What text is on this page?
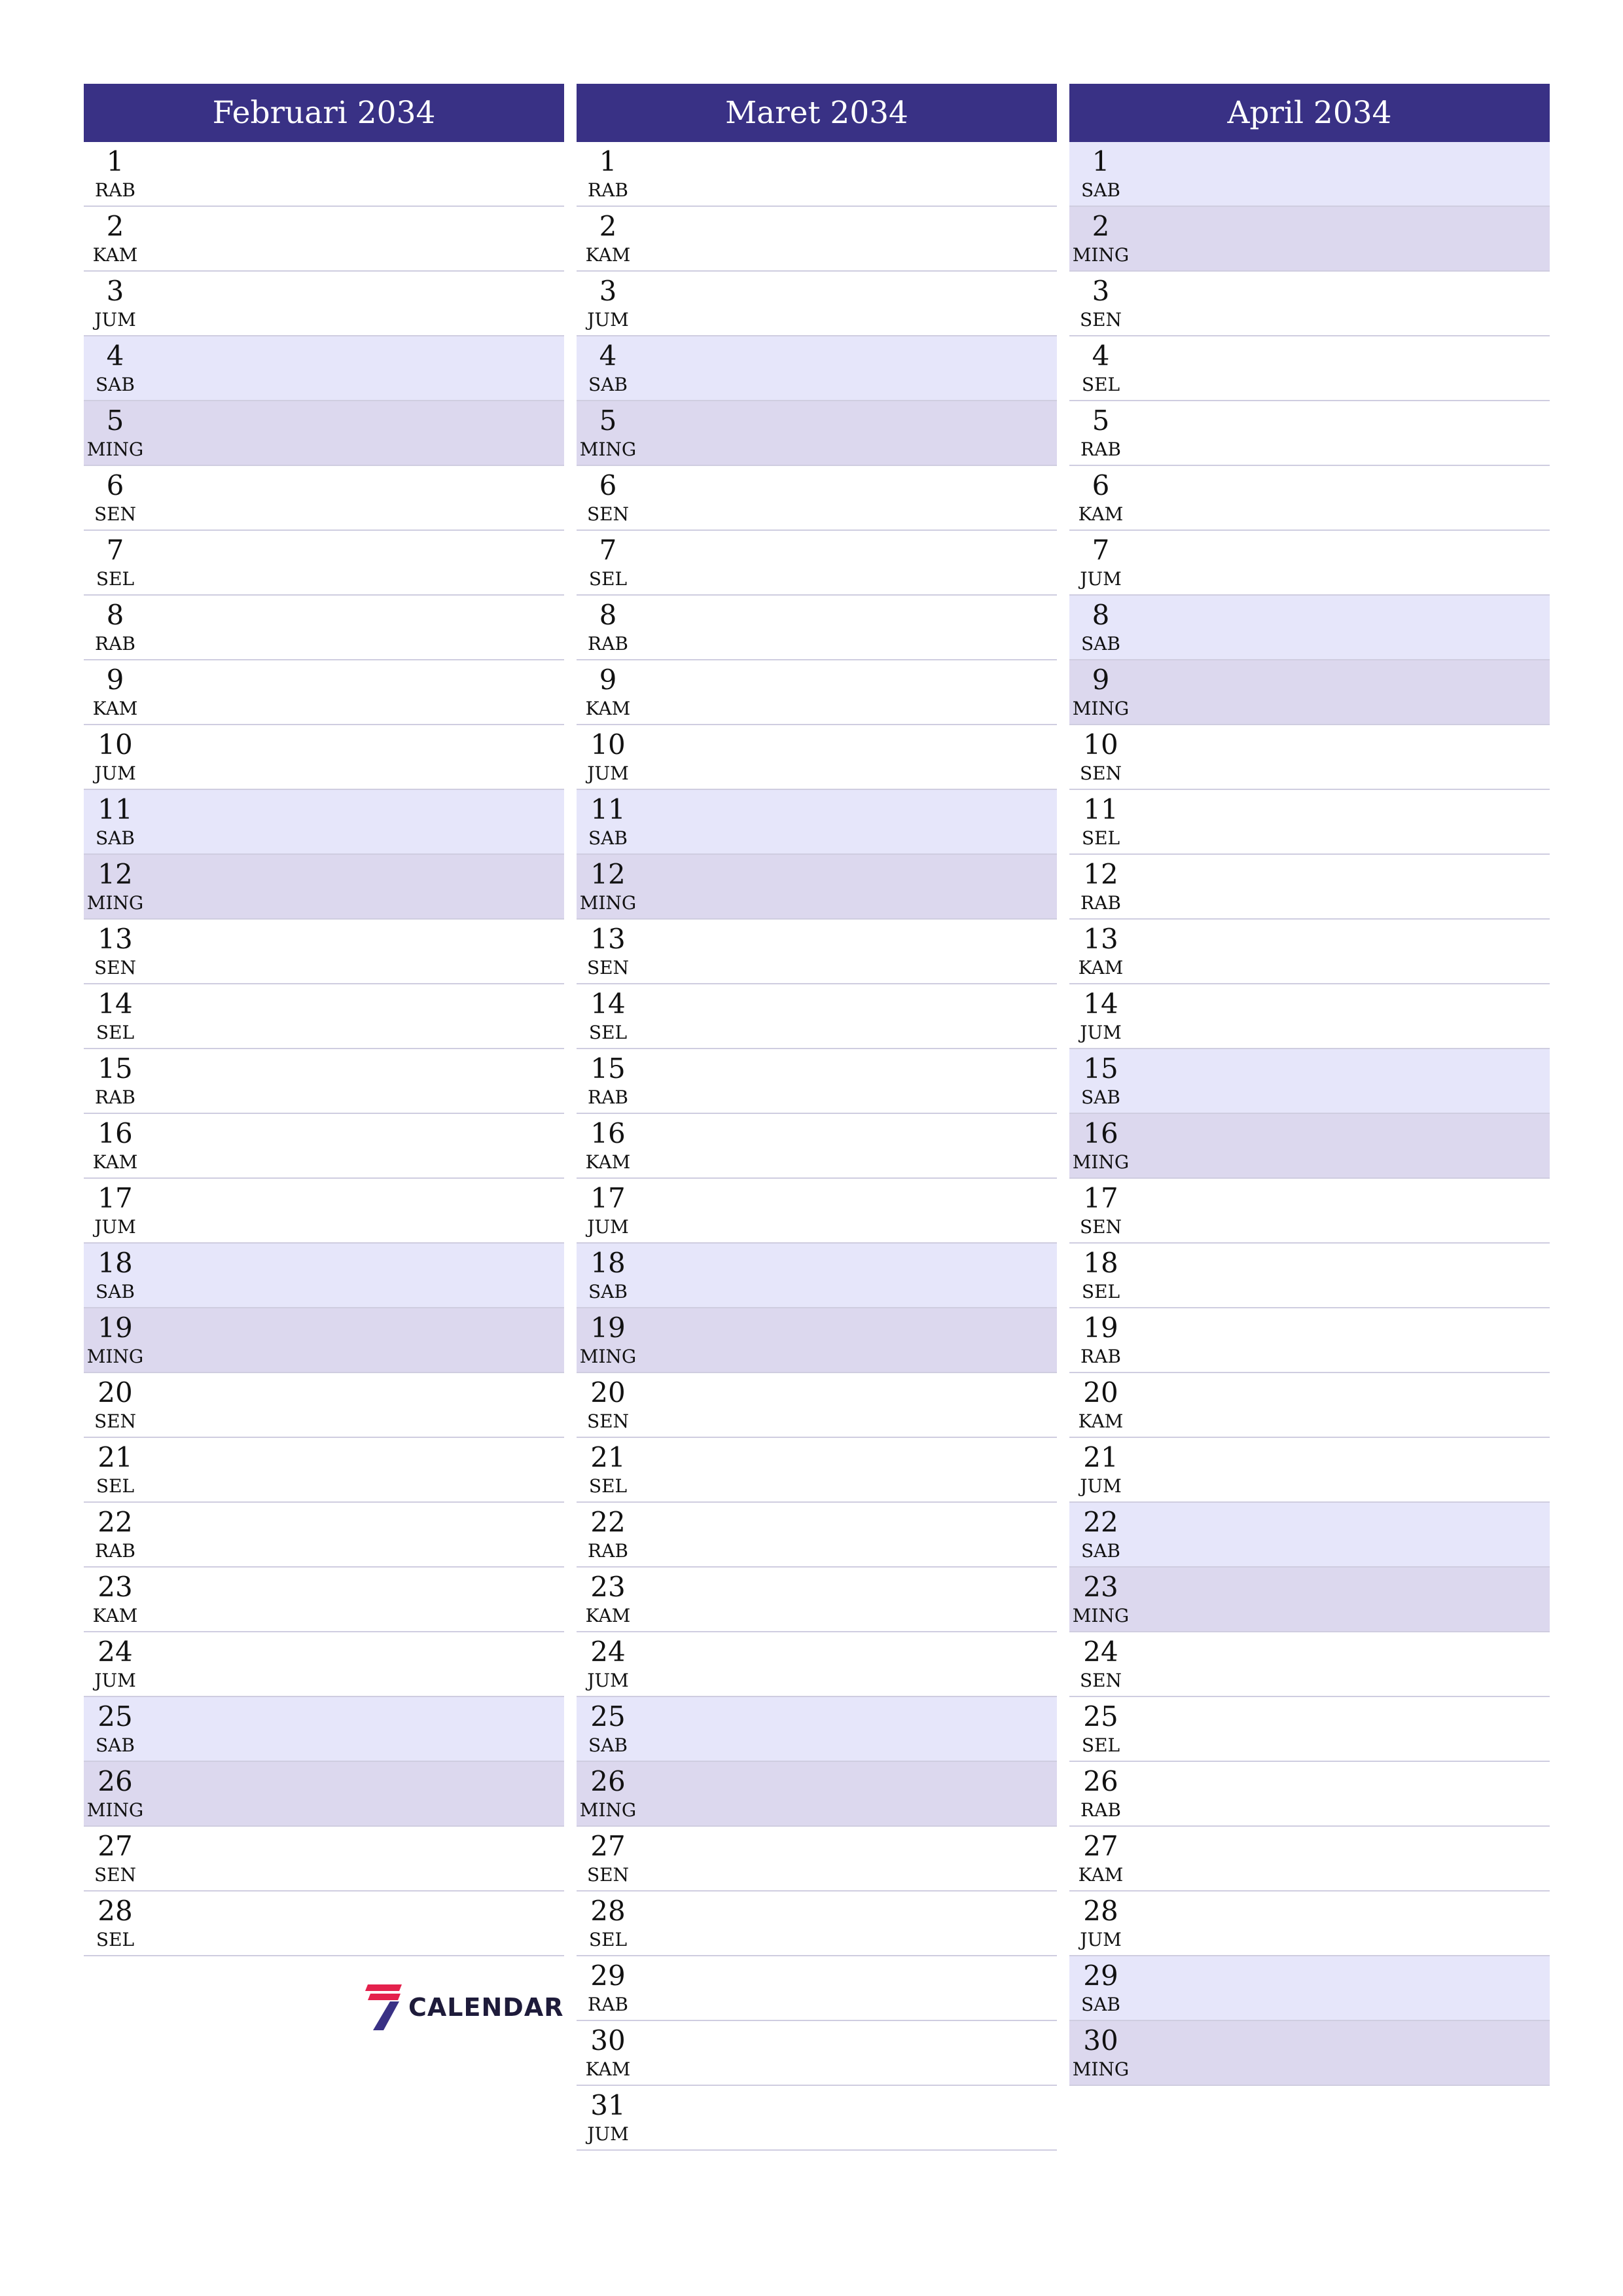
Februari 2034
1
RAB
2
KAM
3
JUM
4
SAB
5
MING
6
SEN
7
SEL
8
RAB
9
KAM
10
JUM
11
SAB
12
MING
13
SEN
14
SEL
15
RAB
16
KAM
17
JUM
18
SAB
19
MING
20
SEN
21
SEL
22
RAB
23
KAM
24
JUM
25
SAB
26
MING
27
SEN
28
SEL
Maret 2034
1
RAB
2
KAM
3
JUM
4
SAB
5
MING
6
SEN
7
SEL
8
RAB
9
KAM
10
JUM
11
SAB
12
MING
13
SEN
14
SEL
15
RAB
16
KAM
17
JUM
18
SAB
19
MING
20
SEN
21
SEL
22
RAB
23
KAM
24
JUM
25
SAB
26
MING
27
SEN
28
SEL
29
RAB
30
KAM
31
JUM
April 2034
1
SAB
2
MING
3
SEN
4
SEL
5
RAB
6
KAM
7
JUM
8
SAB
9
MING
10
SEN
11
SEL
12
RAB
13
KAM
14
JUM
15
SAB
16
MING
17
SEN
18
SEL
19
RAB
20
KAM
21
JUM
22
SAB
23
MING
24
SEN
25
SEL
26
RAB
27
KAM
28
JUM
29
SAB
30
MING
CALENDAR
